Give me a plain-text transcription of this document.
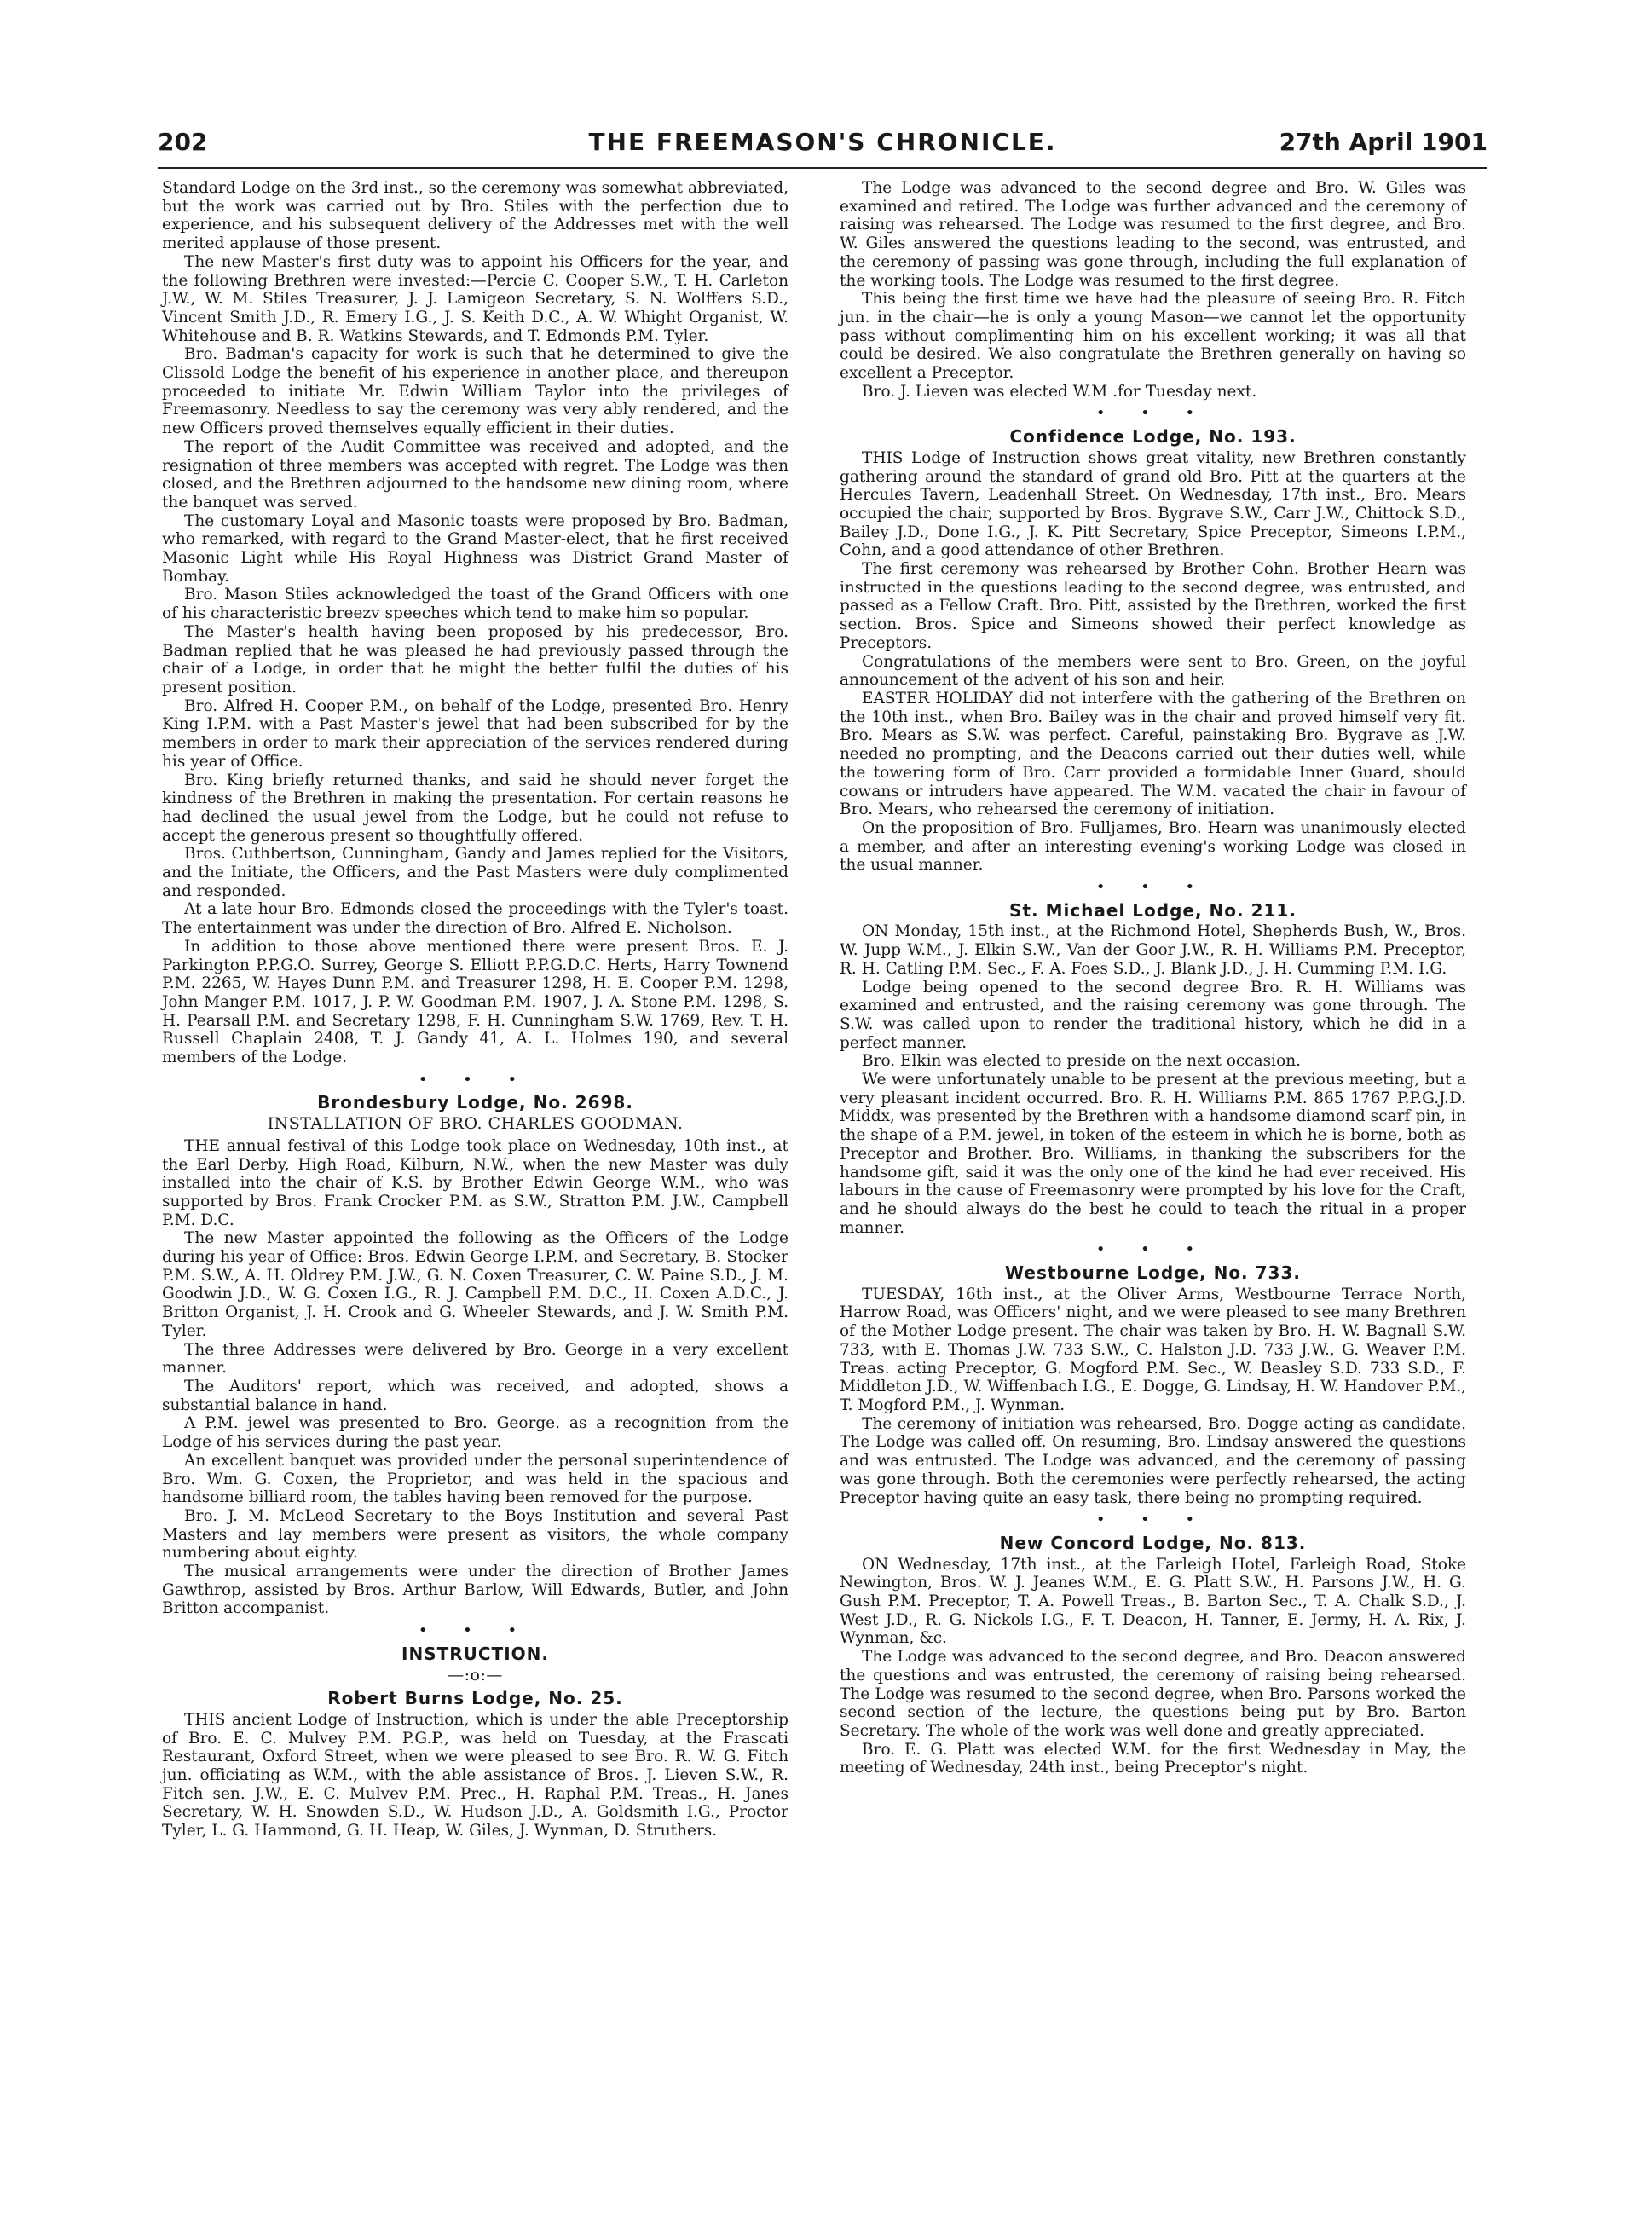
THE FREEMASON'S CHRONICLE.
202	27th April 1901

Standard Lodge on the 3rd inst., so the ceremony was somewhat abbreviated, but the work was carried out by Bro. Stiles with the perfection due to experience, and his subsequent delivery of the Addresses met with the well merited applause of those present.

The new Master's first duty was to appoint his Officers for the year, and the following Brethren were invested:—Percie C. Cooper S.W., T. H. Carleton J.W., W. M. Stiles Treasurer, J. J. Lamigeon Secretary, S. N. Wolffers S.D., Vincent Smith J.D., R. Emery I.G., J. S. Keith D.C., A. W. Whight Organist, W. Whitehouse and B. R. Watkins Stewards, and T. Edmonds P.M. Tyler.

Bro. Badman's capacity for work is such that he determined to give the Clissold Lodge the benefit of his experience in another place, and thereupon proceeded to initiate Mr. Edwin William Taylor into the privileges of Freemasonry. Needless to say the ceremony was very ably rendered, and the new Officers proved themselves equally efficient in their duties.

The report of the Audit Committee was received and adopted, and the resignation of three members was accepted with regret. The Lodge was then closed, and the Brethren adjourned to the handsome new dining room, where the banquet was served.

The customary Loyal and Masonic toasts were proposed by Bro. Badman, who remarked, with regard to the Grand Master-elect, that he first received Masonic Light while His Royal Highness was District Grand Master of Bombay.

Bro. Mason Stiles acknowledged the toast of the Grand Officers with one of his characteristic breezv speeches which tend to make him so popular.

The Master's health having been proposed by his predecessor, Bro. Badman replied that he was pleased he had previously passed through the chair of a Lodge, in order that he might the better fulfil the duties of his present position.

Bro. Alfred H. Cooper P.M., on behalf of the Lodge, presented Bro. Henry King I.P.M. with a Past Master's jewel that had been subscribed for by the members in order to mark their appreciation of the services rendered during his year of Office.

Bro. King briefly returned thanks, and said he should never forget the kindness of the Brethren in making the presentation. For certain reasons he had declined the usual jewel from the Lodge, but he could not refuse to accept the generous present so thoughtfully offered.

Bros. Cuthbertson, Cunningham, Gandy and James replied for the Visitors, and the Initiate, the Officers, and the Past Masters were duly complimented and responded.

At a late hour Bro. Edmonds closed the proceedings with the Tyler's toast. The entertainment was under the direction of Bro. Alfred E. Nicholson.

In addition to those above mentioned there were present Bros. E. J. Parkington P.P.G.O. Surrey, George S. Elliott P.P.G.D.C. Herts, Harry Townend P.M. 2265, W. Hayes Dunn P.M. and Treasurer 1298, H. E. Cooper P.M. 1298, John Manger P.M. 1017, J. P. W. Goodman P.M. 1907, J. A. Stone P.M. 1298, S. H. Pearsall P.M. and Secretary 1298, F. H. Cunningham S.W. 1769, Rev. T. H. Russell Chaplain 2408, T. J. Gandy 41, A. L. Holmes 190, and several members of the Lodge.

• • •
Brondesbury Lodge, No. 2698.
INSTALLATION OF BRO. CHARLES GOODMAN.

THE annual festival of this Lodge took place on Wednesday, 10th inst., at the Earl Derby, High Road, Kilburn, N.W., when the new Master was duly installed into the chair of K.S. by Brother Edwin George W.M., who was supported by Bros. Frank Crocker P.M. as S.W., Stratton P.M. J.W., Campbell P.M. D.C.

The new Master appointed the following as the Officers of the Lodge during his year of Office: Bros. Edwin George I.P.M. and Secretary, B. Stocker P.M. S.W., A. H. Oldrey P.M. J.W., G. N. Coxen Treasurer, C. W. Paine S.D., J. M. Goodwin J.D., W. G. Coxen I.G., R. J. Campbell P.M. D.C., H. Coxen A.D.C., J. Britton Organist, J. H. Crook and G. Wheeler Stewards, and J. W. Smith P.M. Tyler.

The three Addresses were delivered by Bro. George in a very excellent manner.

The Auditors' report, which was received, and adopted, shows a substantial balance in hand.

A P.M. jewel was presented to Bro. George. as a recognition from the Lodge of his services during the past year.

An excellent banquet was provided under the personal superintendence of Bro. Wm. G. Coxen, the Proprietor, and was held in the spacious and handsome billiard room, the tables having been removed for the purpose.

Bro. J. M. McLeod Secretary to the Boys Institution and several Past Masters and lay members were present as visitors, the whole company numbering about eighty.

The musical arrangements were under the direction of Brother James Gawthrop, assisted by Bros. Arthur Barlow, Will Edwards, Butler, and John Britton accompanist.

• • •
INSTRUCTION.
—:o:—
Robert Burns Lodge, No. 25.

THIS ancient Lodge of Instruction, which is under the able Preceptorship of Bro. E. C. Mulvey P.M. P.G.P., was held on Tuesday, at the Frascati Restaurant, Oxford Street, when we were pleased to see Bro. R. W. G. Fitch jun. officiating as W.M., with the able assistance of Bros. J. Lieven S.W., R. Fitch sen. J.W., E. C. Mulvev P.M. Prec., H. Raphal P.M. Treas., H. Janes Secretary, W. H. Snowden S.D., W. Hudson J.D., A. Goldsmith I.G., Proctor Tyler, L. G. Hammond, G. H. Heap, W. Giles, J. Wynman, D. Struthers.

The Lodge was advanced to the second degree and Bro. W. Giles was examined and retired. The Lodge was further advanced and the ceremony of raising was rehearsed. The Lodge was resumed to the first degree, and Bro. W. Giles answered the questions leading to the second, was entrusted, and the ceremony of passing was gone through, including the full explanation of the working tools. The Lodge was resumed to the first degree.

This being the first time we have had the pleasure of seeing Bro. R. Fitch jun. in the chair—he is only a young Mason—we cannot let the opportunity pass without complimenting him on his excellent working; it was all that could be desired. We also congratulate the Brethren generally on having so excellent a Preceptor.

Bro. J. Lieven was elected W.M .for Tuesday next.

• • •
Confidence Lodge, No. 193.

THIS Lodge of Instruction shows great vitality, new Brethren constantly gathering around the standard of grand old Bro. Pitt at the quarters at the Hercules Tavern, Leadenhall Street. On Wednesday, 17th inst., Bro. Mears occupied the chair, supported by Bros. Bygrave S.W., Carr J.W., Chittock S.D., Bailey J.D., Done I.G., J. K. Pitt Secretary, Spice Preceptor, Simeons I.P.M., Cohn, and a good attendance of other Brethren.

The first ceremony was rehearsed by Brother Cohn. Brother Hearn was instructed in the questions leading to the second degree, was entrusted, and passed as a Fellow Craft. Bro. Pitt, assisted by the Brethren, worked the first section. Bros. Spice and Simeons showed their perfect knowledge as Preceptors.

Congratulations of the members were sent to Bro. Green, on the joyful announcement of the advent of his son and heir.

EASTER HOLIDAY did not interfere with the gathering of the Brethren on the 10th inst., when Bro. Bailey was in the chair and proved himself very fit. Bro. Mears as S.W. was perfect. Careful, painstaking Bro. Bygrave as J.W. needed no prompting, and the Deacons carried out their duties well, while the towering form of Bro. Carr provided a formidable Inner Guard, should cowans or intruders have appeared. The W.M. vacated the chair in favour of Bro. Mears, who rehearsed the ceremony of initiation.

On the proposition of Bro. Fulljames, Bro. Hearn was unanimously elected a member, and after an interesting evening's working Lodge was closed in the usual manner.

• • •
St. Michael Lodge, No. 211.

ON Monday, 15th inst., at the Richmond Hotel, Shepherds Bush, W., Bros. W. Jupp W.M., J. Elkin S.W., Van der Goor J.W., R. H. Williams P.M. Preceptor, R. H. Catling P.M. Sec., F. A. Foes S.D., J. Blank J.D., J. H. Cumming P.M. I.G.

Lodge being opened to the second degree Bro. R. H. Williams was examined and entrusted, and the raising ceremony was gone through. The S.W. was called upon to render the traditional history, which he did in a perfect manner.

Bro. Elkin was elected to preside on the next occasion.

We were unfortunately unable to be present at the previous meeting, but a very pleasant incident occurred. Bro. R. H. Williams P.M. 865 1767 P.P.G.J.D. Middx, was presented by the Brethren with a handsome diamond scarf pin, in the shape of a P.M. jewel, in token of the esteem in which he is borne, both as Preceptor and Brother. Bro. Williams, in thanking the subscribers for the handsome gift, said it was the only one of the kind he had ever received. His labours in the cause of Freemasonry were prompted by his love for the Craft, and he should always do the best he could to teach the ritual in a proper manner.

• • •
Westbourne Lodge, No. 733.

TUESDAY, 16th inst., at the Oliver Arms, Westbourne Terrace North, Harrow Road, was Officers' night, and we were pleased to see many Brethren of the Mother Lodge present. The chair was taken by Bro. H. W. Bagnall S.W. 733, with E. Thomas J.W. 733 S.W., C. Halston J.D. 733 J.W., G. Weaver P.M. Treas. acting Preceptor, G. Mogford P.M. Sec., W. Beasley S.D. 733 S.D., F. Middleton J.D., W. Wiffenbach I.G., E. Dogge, G. Lindsay, H. W. Handover P.M., T. Mogford P.M., J. Wynman.

The ceremony of initiation was rehearsed, Bro. Dogge acting as candidate. The Lodge was called off. On resuming, Bro. Lindsay answered the questions and was entrusted. The Lodge was advanced, and the ceremony of passing was gone through. Both the ceremonies were perfectly rehearsed, the acting Preceptor having quite an easy task, there being no prompting required.

• • •
New Concord Lodge, No. 813.

ON Wednesday, 17th inst., at the Farleigh Hotel, Farleigh Road, Stoke Newington, Bros. W. J. Jeanes W.M., E. G. Platt S.W., H. Parsons J.W., H. G. Gush P.M. Preceptor, T. A. Powell Treas., B. Barton Sec., T. A. Chalk S.D., J. West J.D., R. G. Nickols I.G., F. T. Deacon, H. Tanner, E. Jermy, H. A. Rix, J. Wynman, &c.

The Lodge was advanced to the second degree, and Bro. Deacon answered the questions and was entrusted, the ceremony of raising being rehearsed. The Lodge was resumed to the second degree, when Bro. Parsons worked the second section of the lecture, the questions being put by Bro. Barton Secretary. The whole of the work was well done and greatly appreciated.

Bro. E. G. Platt was elected W.M. for the first Wednesday in May, the meeting of Wednesday, 24th inst., being Preceptor's night.
